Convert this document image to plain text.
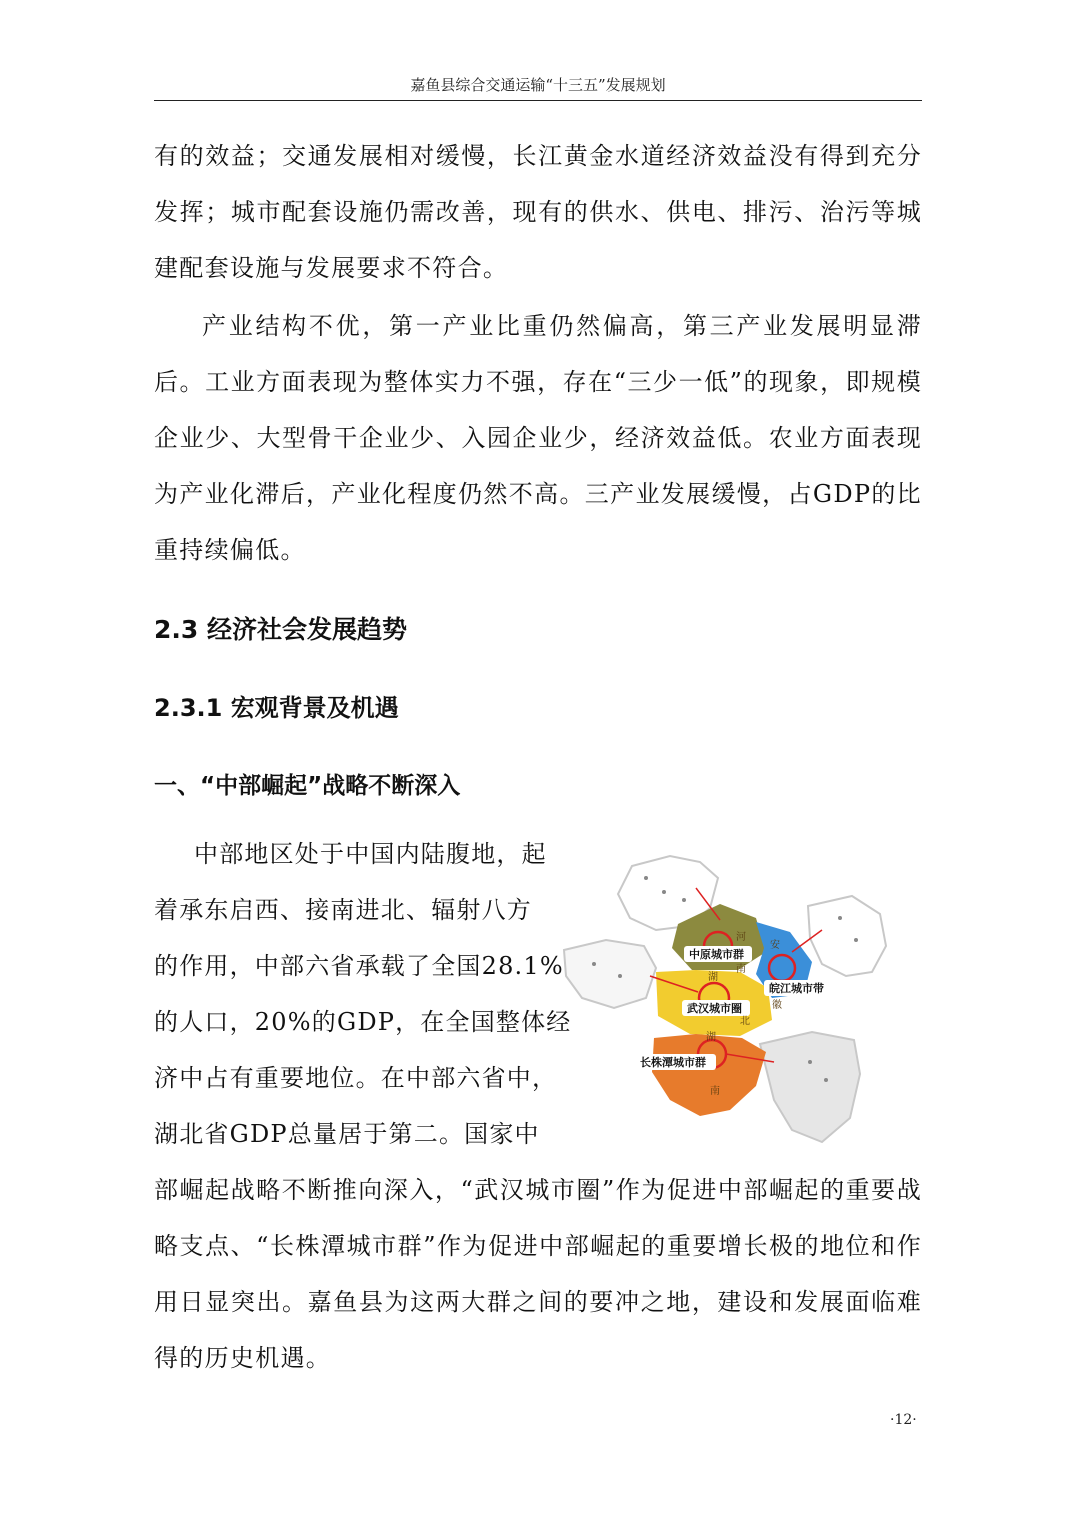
嘉鱼县综合交通运输“十三五”发展规划

有的效益；交通发展相对缓慢，长江黄金水道经济效益没有得到充分发挥；城市配套设施仍需改善，现有的供水、供电、排污、治污等城建配套设施与发展要求不符合。

产业结构不优，第一产业比重仍然偏高，第三产业发展明显滞后。工业方面表现为整体实力不强，存在“三少一低”的现象，即规模企业少、大型骨干企业少、入园企业少，经济效益低。农业方面表现为产业化滞后，产业化程度仍然不高。三产业发展缓慢，占GDP的比重持续偏低。

2.3 经济社会发展趋势
2.3.1 宏观背景及机遇
一、“中部崛起”战略不断深入
中部地区处于中国内陆腹地，起
着承东启西、接南进北、辐射八方
的作用，中部六省承载了全国28.1%
的人口，20%的GDP，在全国整体经
济中占有重要地位。在中部六省中，
湖北省GDP总量居于第二。国家中
中原城市群
皖江城市带
武汉城市圈
长株潭城市群
河
南
安
徽
湖
北
湖
南

部崛起战略不断推向深入，“武汉城市圈”作为促进中部崛起的重要战略支点、“长株潭城市群”作为促进中部崛起的重要增长极的地位和作用日显突出。嘉鱼县为这两大群之间的要冲之地，建设和发展面临难得的历史机遇。

·12·
